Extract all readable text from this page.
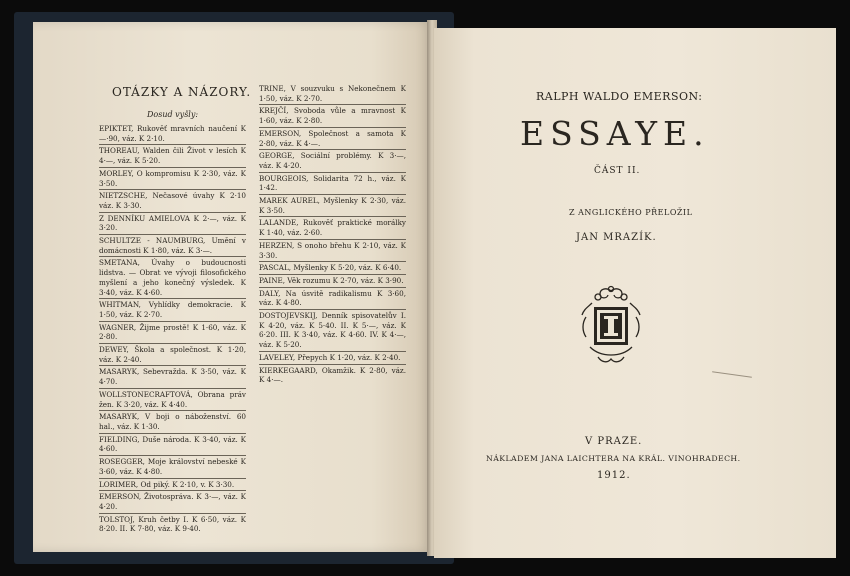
OTÁZKY A NÁZORY.
Dosud vyšly:
EPIKTET, Rukověť mravních naučení K —·90, váz. K 2·10.
THOREAU, Walden čili Život v lesích K 4·—, váz. K 5·20.
MORLEY, O kompromisu K 2·30, váz. K 3·50.
NIETZSCHE, Nečasové úvahy K 2·10 váz. K 3·30.
Z DENNÍKU AMIELOVA K 2·—, váz. K 3·20.
SCHULTZE - NAUMBURG, Umění v domácnosti K 1·80, váz. K 3·—.
SMETANA, Úvahy o budoucnosti lidstva. — Obrat ve vývoji filosofického myšlení a jeho konečný výsledek. K 3·40, váz. K 4·60.
WHITMAN, Vyhlídky demokracie. K 1·50, váz. K 2·70.
WAGNER, Žijme prostě! K 1·60, váz. K 2·80.
DEWEY, Škola a společnost. K 1·20, váz. K 2·40.
MASARYK, Sebevražda. K 3·50, váz. K 4·70.
WOLLSTONECRAFTOVÁ, Obrana práv žen. K 3·20, váz. K 4·40.
MASARYK, V boji o náboženství. 60 hal., váz. K 1·30.
FIELDING, Duše národa. K 3·40, váz. K 4·60.
ROSEGGER, Moje království nebeské K 3·60, váz. K 4·80.
LORIMER, Od piký. K 2·10, v. K 3·30.
EMERSON, Životospráva. K 3·—, váz. K 4·20.
TOLSTOJ, Kruh četby I. K 6·50, váz. K 8·20. II. K 7·80, váz. K 9·40.
TRINE, V souzvuku s Nekonečnem K 1·50, váz. K 2·70.
KREJČÍ, Svoboda vůle a mravnost K 1·60, váz. K 2·80.
EMERSON, Společnost a samota K 2·80, váz. K 4·—.
GEORGE, Sociální problémy. K 3·—, váz. K 4·20.
BOURGEOIS, Solidarita 72 h., váz. K 1·42.
MAREK AUREL, Myšlenky K 2·30, váz. K 3·50.
LALANDE, Rukověť praktické morálky K 1·40, váz. 2·60.
HERZEN, S onoho břehu K 2·10, váz. K 3·30.
PASCAL, Myšlenky K 5·20, váz. K 6·40.
PAINE, Věk rozumu K 2·70, váz. K 3·90.
DALY, Na úsvitě radikalismu K 3·60, váz. K 4·80.
DOSTOJEVSKIJ, Denník spisovatelův I. K 4·20, váz. K 5·40. II. K 5·—, váz. K 6·20. III. K 3·40, váz. K 4·60. IV. K 4·—, váz. K 5·20.
LAVELEY, Přepych K 1·20, váz. K 2·40.
KIERKEGAARD, Okamžik. K 2·80, váz. K 4·—.
RALPH WALDO EMERSON:
ESSAYE.
ČÁST II.
Z ANGLICKÉHO PŘELOŽIL
JAN MRAZÍK.
V PRAZE.
NÁKLADEM JANA LAICHTERA NA KRÁL. VINOHRADECH.
1912.
